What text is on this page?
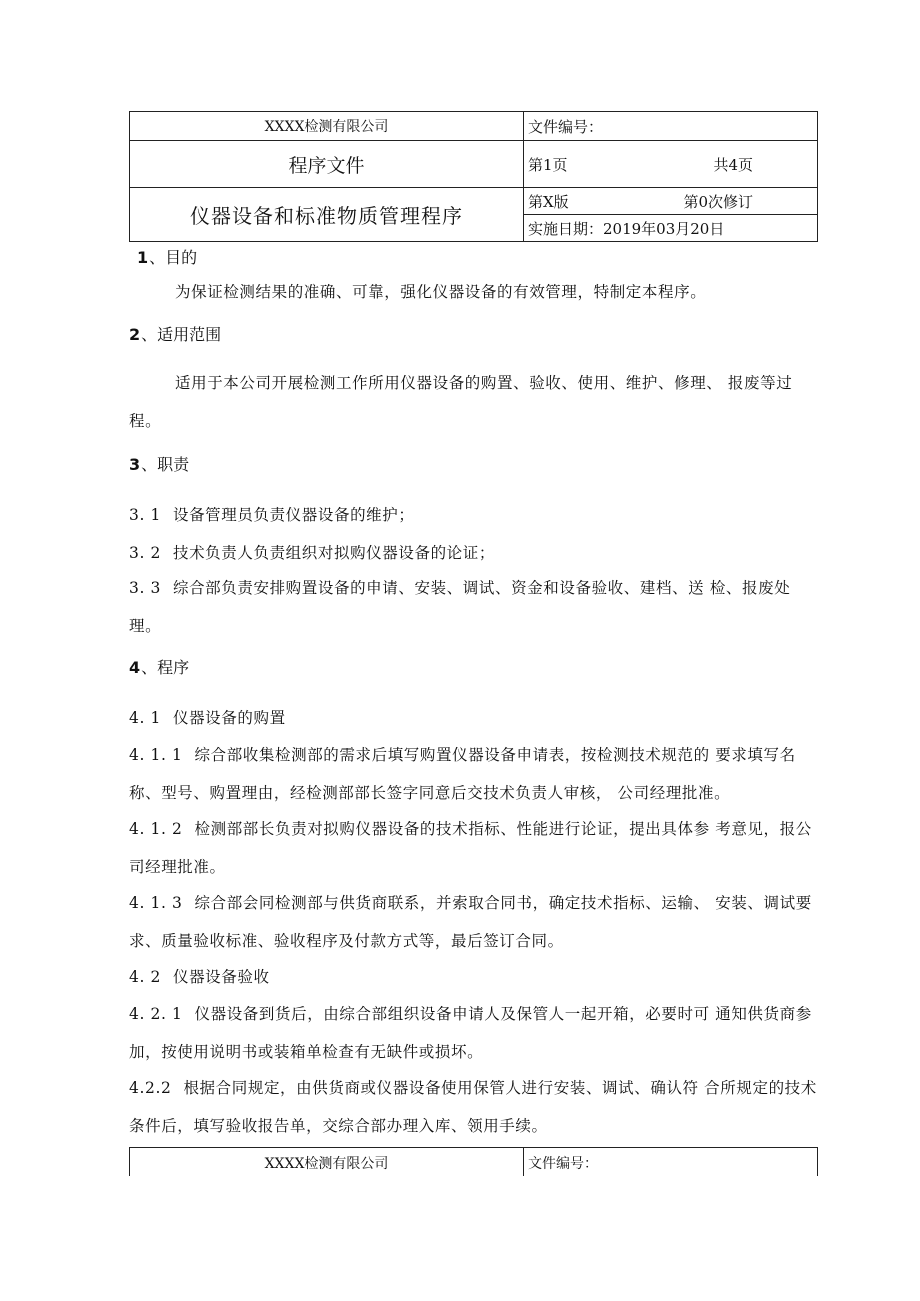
XXXX检测有限公司	文件编号：
程序文件	第1页 共4页

仪器设备和标准物质管理程序	第X版 第0次修订

	实施日期：2019年03月20日
1、目的
为保证检测结果的准确、可靠，强化仪器设备的有效管理，特制定本程序。
2、适用范围
适用于本公司开展检测工作所用仪器设备的购置、验收、使用、维护、修理、 报废等过程。
3、职责
3. 1 设备管理员负责仪器设备的维护；
3. 2 技术负责人负责组织对拟购仪器设备的论证；
3. 3 综合部负责安排购置设备的申请、安装、调试、资金和设备验收、建档、送 检、报废处理。
4、程序
4. 1 仪器设备的购置
4. 1. 1 综合部收集检测部的需求后填写购置仪器设备申请表，按检测技术规范的 要求填写名称、型号、购置理由，经检测部部长签字同意后交技术负责人审核， 公司经理批准。
4. 1. 2 检测部部长负责对拟购仪器设备的技术指标、性能进行论证，提出具体参 考意见，报公司经理批准。
4. 1. 3 综合部会同检测部与供货商联系，并索取合同书，确定技术指标、运输、 安装、调试要求、质量验收标准、验收程序及付款方式等，最后签订合同。
4. 2 仪器设备验收
4. 2. 1 仪器设备到货后，由综合部组织设备申请人及保管人一起开箱，必要时可 通知供货商参加，按使用说明书或装箱单检查有无缺件或损坏。
4.2.2 根据合同规定，由供货商或仪器设备使用保管人进行安装、调试、确认符 合所规定的技术条件后，填写验收报告单，交综合部办理入库、领用手续。
XXXX检测有限公司	文件编号：
